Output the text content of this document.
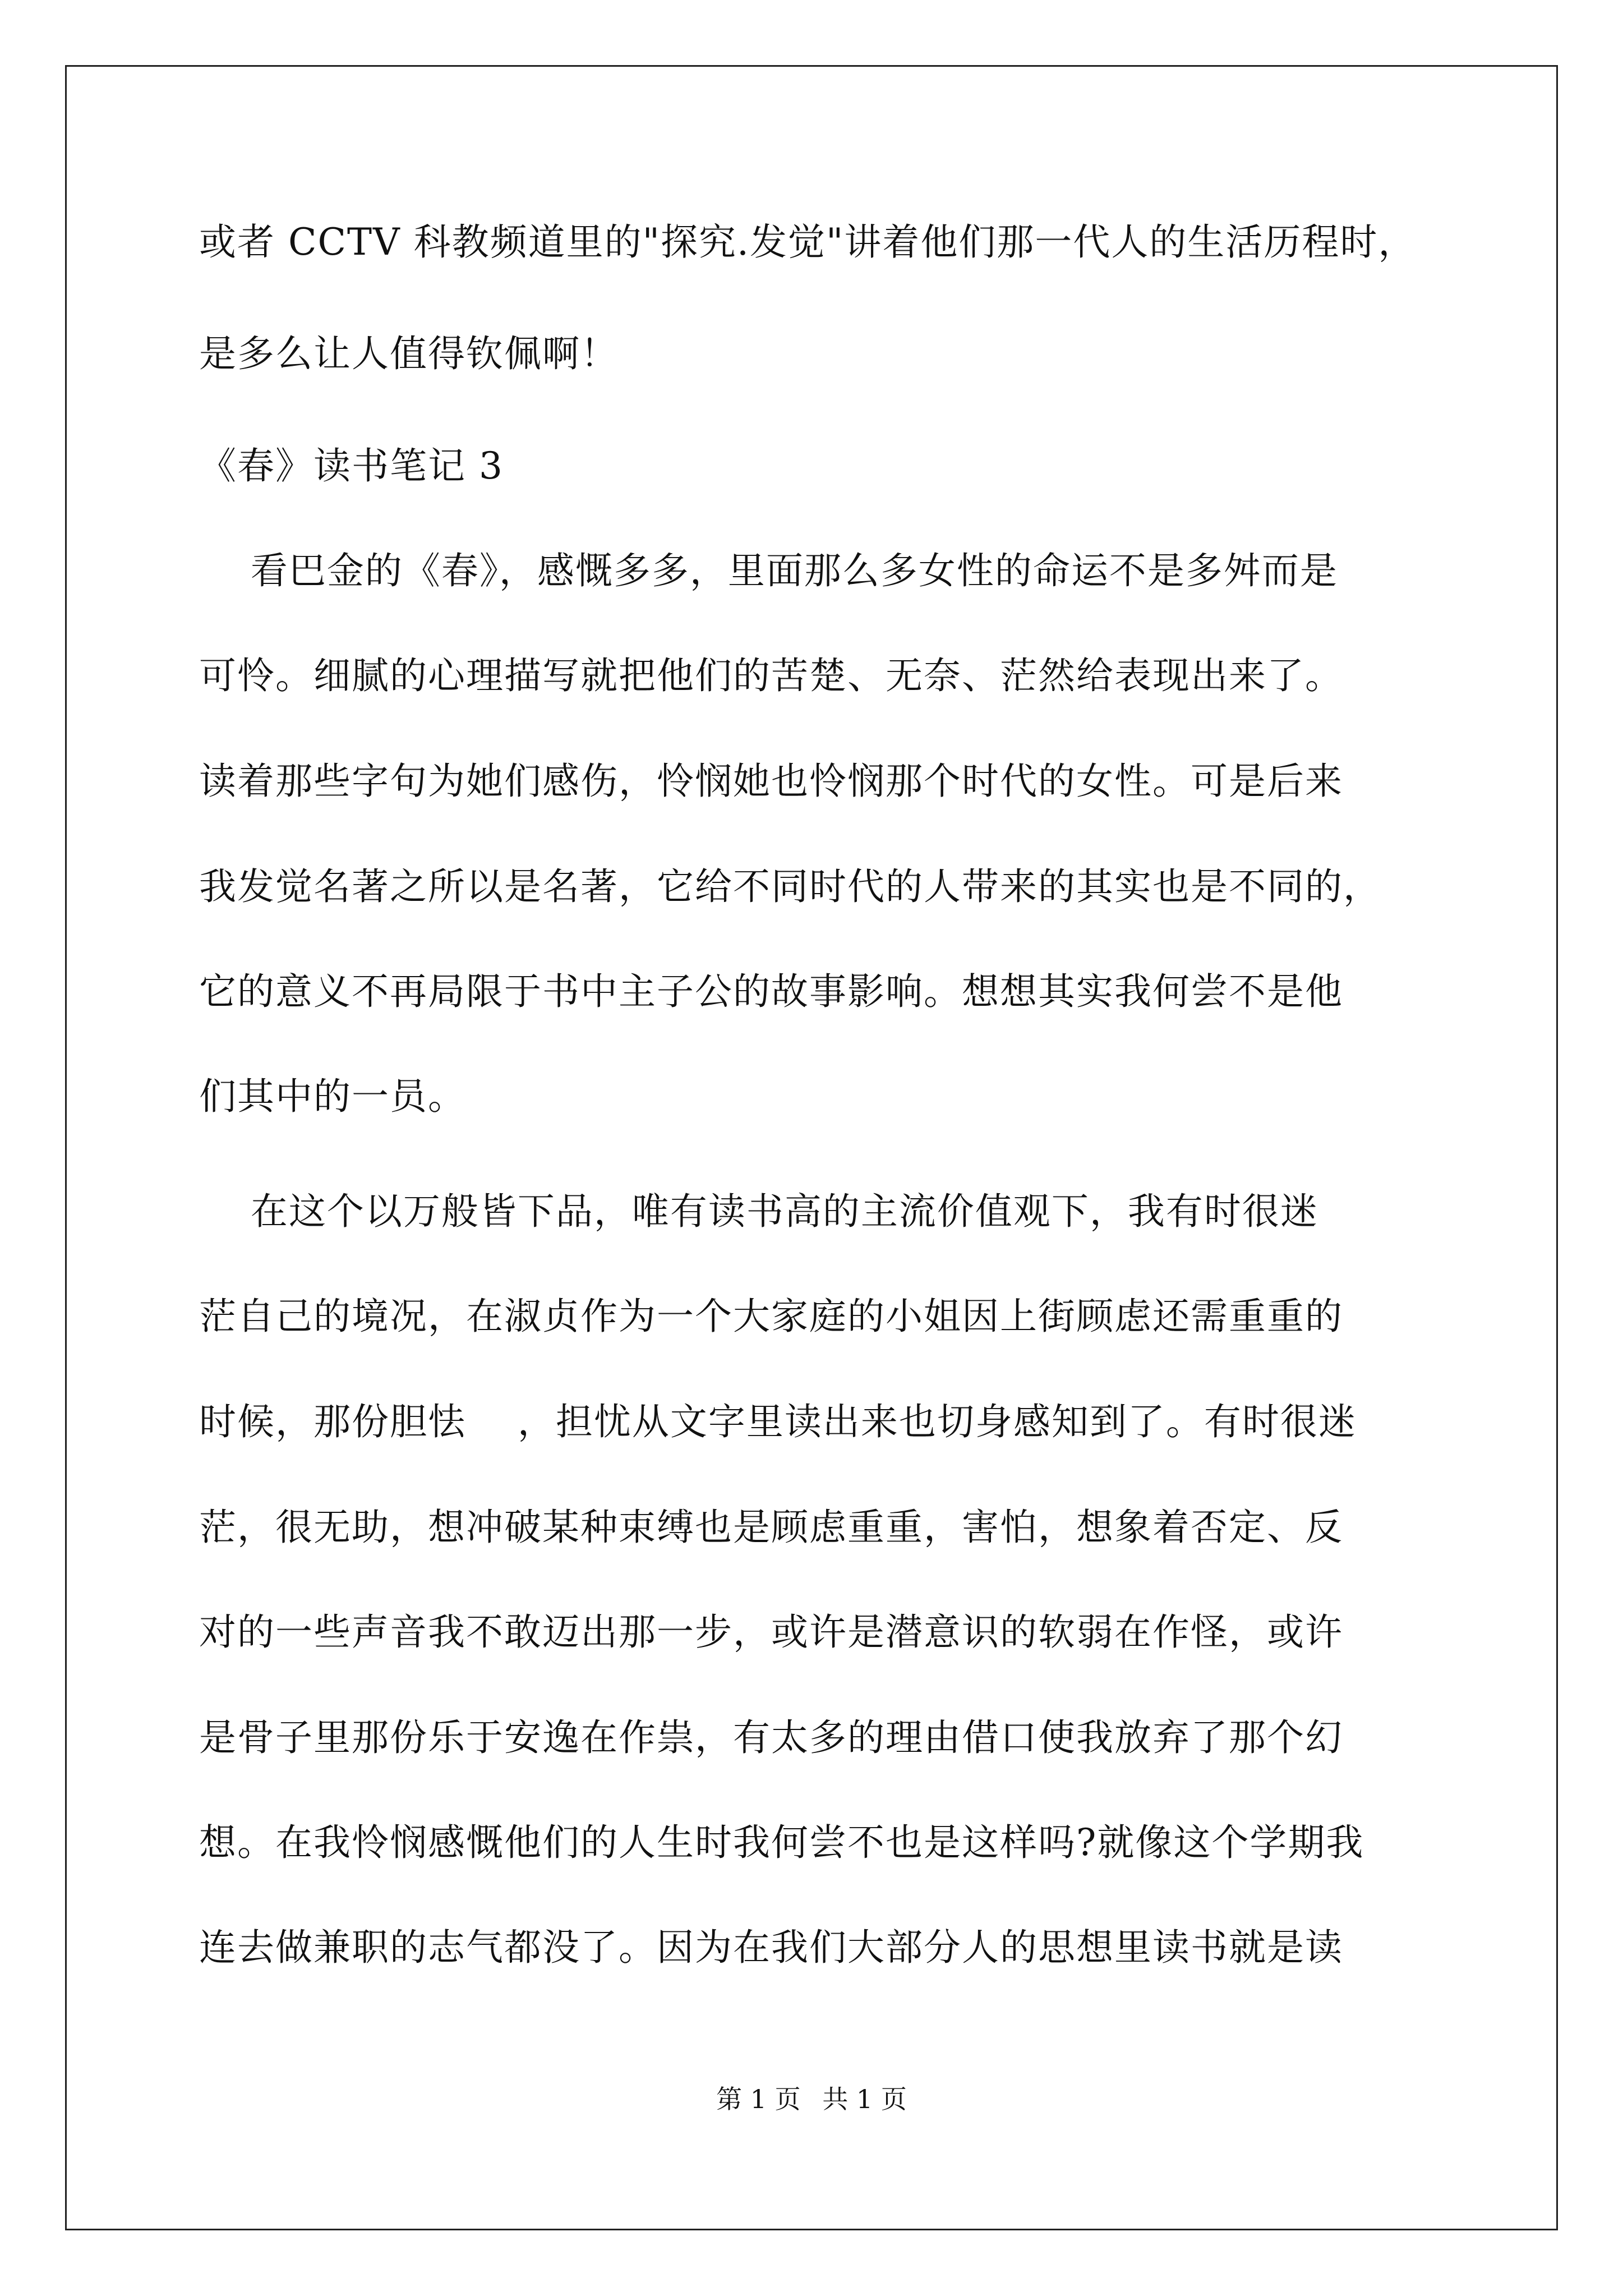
或者 CCTV 科教频道里的"探究.发觉"讲着他们那一代人的生活历程时，
是多么让人值得钦佩啊！
《春》读书笔记 3
看巴金的《春》，感慨多多，里面那么多女性的命运不是多舛而是
可怜。细腻的心理描写就把他们的苦楚、无奈、茫然给表现出来了。
读着那些字句为她们感伤，怜悯她也怜悯那个时代的女性。可是后来
我发觉名著之所以是名著，它给不同时代的人带来的其实也是不同的，
它的意义不再局限于书中主子公的故事影响。想想其实我何尝不是他
们其中的一员。
在这个以万般皆下品，唯有读书高的主流价值观下，我有时很迷
茫自己的境况，在淑贞作为一个大家庭的小姐因上街顾虑还需重重的
时候，那份胆怯    ，担忧从文字里读出来也切身感知到了。有时很迷
茫，很无助，想冲破某种束缚也是顾虑重重，害怕，想象着否定、反
对的一些声音我不敢迈出那一步，或许是潜意识的软弱在作怪，或许
是骨子里那份乐于安逸在作祟，有太多的理由借口使我放弃了那个幻
想。在我怜悯感慨他们的人生时我何尝不也是这样吗?就像这个学期我
连去做兼职的志气都没了。因为在我们大部分人的思想里读书就是读
第 1 页 共 1 页
